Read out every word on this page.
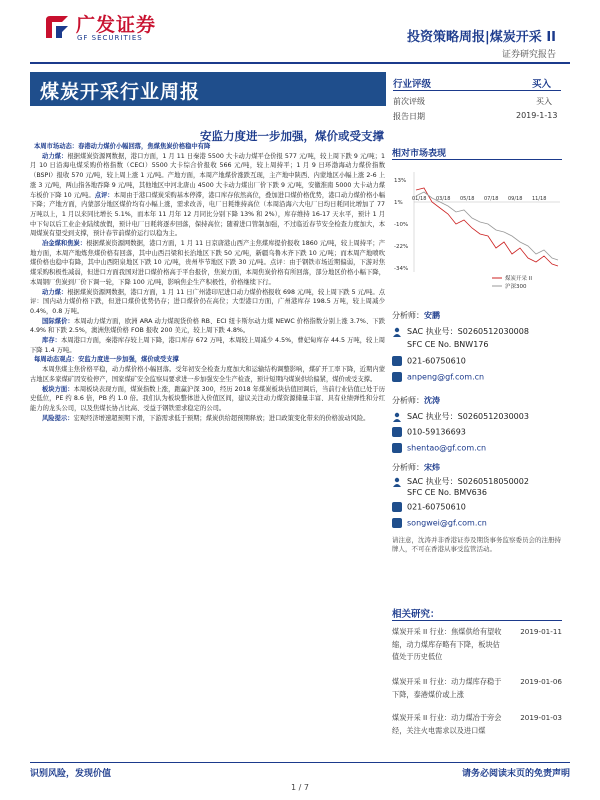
广发证券
GF SECURITIES	投资策略周报|煤炭开采 II
证券研究报告
煤炭开采行业周报
安监力度进一步加强，煤价或受支撑
行业评级	买入
前次评级	买入
报告日期	2019-1-13

本周市场动态：春港动力煤价小幅回落，焦煤焦炭价格稳中有降

动力煤：根据煤炭资源网数据，港口方面，1 月 11 日秦港 5500 大卡动力煤平仓价报 577 元/吨，较上周下跌 9 元/吨；1 月 10 日沿海电煤采购价格指数（CECI）5500 大卡综合价报收 566 元/吨，较上周持平；1 月 9 日环渤海动力煤价指数（BSPI）报收 570 元/吨，较上周上涨 1 元/吨。产地方面，本周产地煤价涨跌互现，主产地中陕西、内蒙地区小幅上涨 2-6 上涨 3 元/吨，两山指各地吞降 9 元/吨，其他地区中河北唐山 4500 大卡动力煤出厂价下跌 9 元/吨，安徽淮南 5000 大卡动力煤车板价下降 10 元/吨。点评：本周由于港口煤炭采购基本停滞，港口库存依然高位，叠加进口煤价格优势，港口动力煤价格小幅下降；产地方面，内蒙部分地区煤价均有小幅上涨，需求改善，电厂日耗维持高位（本周沿海六大电厂日均日耗同比增加了 77 万吨以上，1 月以来同比增长 5.1%，而本年 11 月年 12 月同比分别下降 13% 和 2%），库存维持 16-17 天水平，预计 1 月中下旬以后工业企业陆续放假，预计电厂日耗将逐步回落，保持高位；随着进口管制加强，不过临近春节安全检查力度加大，本周煤炭有望受到支撑，预计春节前煤价运行以稳为主。

冶金煤和焦炭：根据煤炭资源网数据，港口方面，1 月 11 日京唐港山西产主焦煤库提价报收 1860 元/吨，较上周持平；产地方面，本周产地炼焦煤价格有回落，其中山西吕梁和长治地区下跌 50 元/吨，新疆乌鲁木齐下跌 10 元/吨；而本周产地喷吹煤价格也稳中有降，其中山西阳泉地区下跌 10 元/吨，贵州毕节地区下跌 30 元/吨。点评：由于钢铁市场近期偏弱，下游对焦煤采购积极性减弱，但进口方面我国对进口煤价格高于平台报价，焦炭方面，本周焦炭价格有所回落，部分地区价格小幅下降，本周钢厂焦炭到厂价下调一轮，下降 100 元/吨，影响焦企生产积极性，价格继续下行。

动力煤：根据煤炭资源网数据，港口方面，1 月 11 日广州港印尼进口动力煤价格报收 698 元/吨，较上周下跌 5 元/吨。点评：国内动力煤价格下跌，但进口煤价优势仍存；进口煤价仍在高位；大型港口方面，广州港库存 198.5 万吨，较上周减少 0.4%，0.8 万吨。

国际煤价：本周动力煤方面，欧洲 ARA 动力煤现货价格 RB、ECI 纽卡斯尔动力煤 NEWC 价格指数分别上涨 3.7%、下跌 4.9% 和下跌 2.5%，澳洲焦煤价格 FOB 报收 200 美元，较上周下跌 4.8%。

库存：本周港口方面，秦港库存较上周下降，港口库存 672 万吨，本周较上周减少 4.5%，曹妃甸库存 44.5 万吨，较上周下降 1.4 万吨。

每周动态观点：安监力度进一步加强，煤价或受支撑

本周焦煤主焦价格平稳，动力煤价格小幅回落。受年初安全检查力度加大和运输结构调整影响，煤矿开工率下降，近期内蒙古地区多家煤矿因安检停产，国家煤矿安全监察局要求进一步加强安全生产检查，预计短期内煤炭供给偏紧，煤价或受支撑。

板块方面：本周板块表现方面，煤炭指数上涨，跑赢沪深 300，经历 2018 年煤炭板块估值回调后，当前行业估值已处于历史低位，PE 约 8.6 倍，PB 约 1.0 倍。我们认为板块整体进入价值区间，建议关注动力煤资源储量丰富、具有业绩弹性和分红能力的龙头公司，以及焦煤长协占比高、受益于钢铁需求稳定的公司。

风险提示：宏观经济增速超预期下滑，下游需求低于预期；煤炭供给超预期释放；进口政策变化带来的价格波动风险。

相对市场表现
13%
1%
-10%
-22%
-34%
01/18 03/18 05/18 07/18 09/18 11/18
煤炭开采 II
沪深300
分析师：安鹏
SAC 执业号：S0260512030008
SFC CE No. BNW176
021-60750610
anpeng@gf.com.cn
分析师：沈涛
SAC 执业号：S0260512030003
010-59136693
shentao@gf.com.cn
分析师：宋炜
SAC 执业号：S0260518050002
SFC CE No. BMV636
021-60750610
songwei@gf.com.cn
请注意，沈涛并非香港证券及期货事务监察委员会的注册持牌人，不可在香港从事受监管活动。
相关研究：
煤炭开采 II 行业：焦煤供给有望收缩，动力煤库存略有下降，板块估值处于历史低位
2019-01-11
煤炭开采 II 行业：动力煤库存稳于下降，泰港煤价或上涨
2019-01-06
煤炭开采 II 行业：动力煤冶于旁会经，关注火电需求以及进口煤
2019-01-03
识别风险，发现价值	请务必阅读末页的免责声明
1 / 7
